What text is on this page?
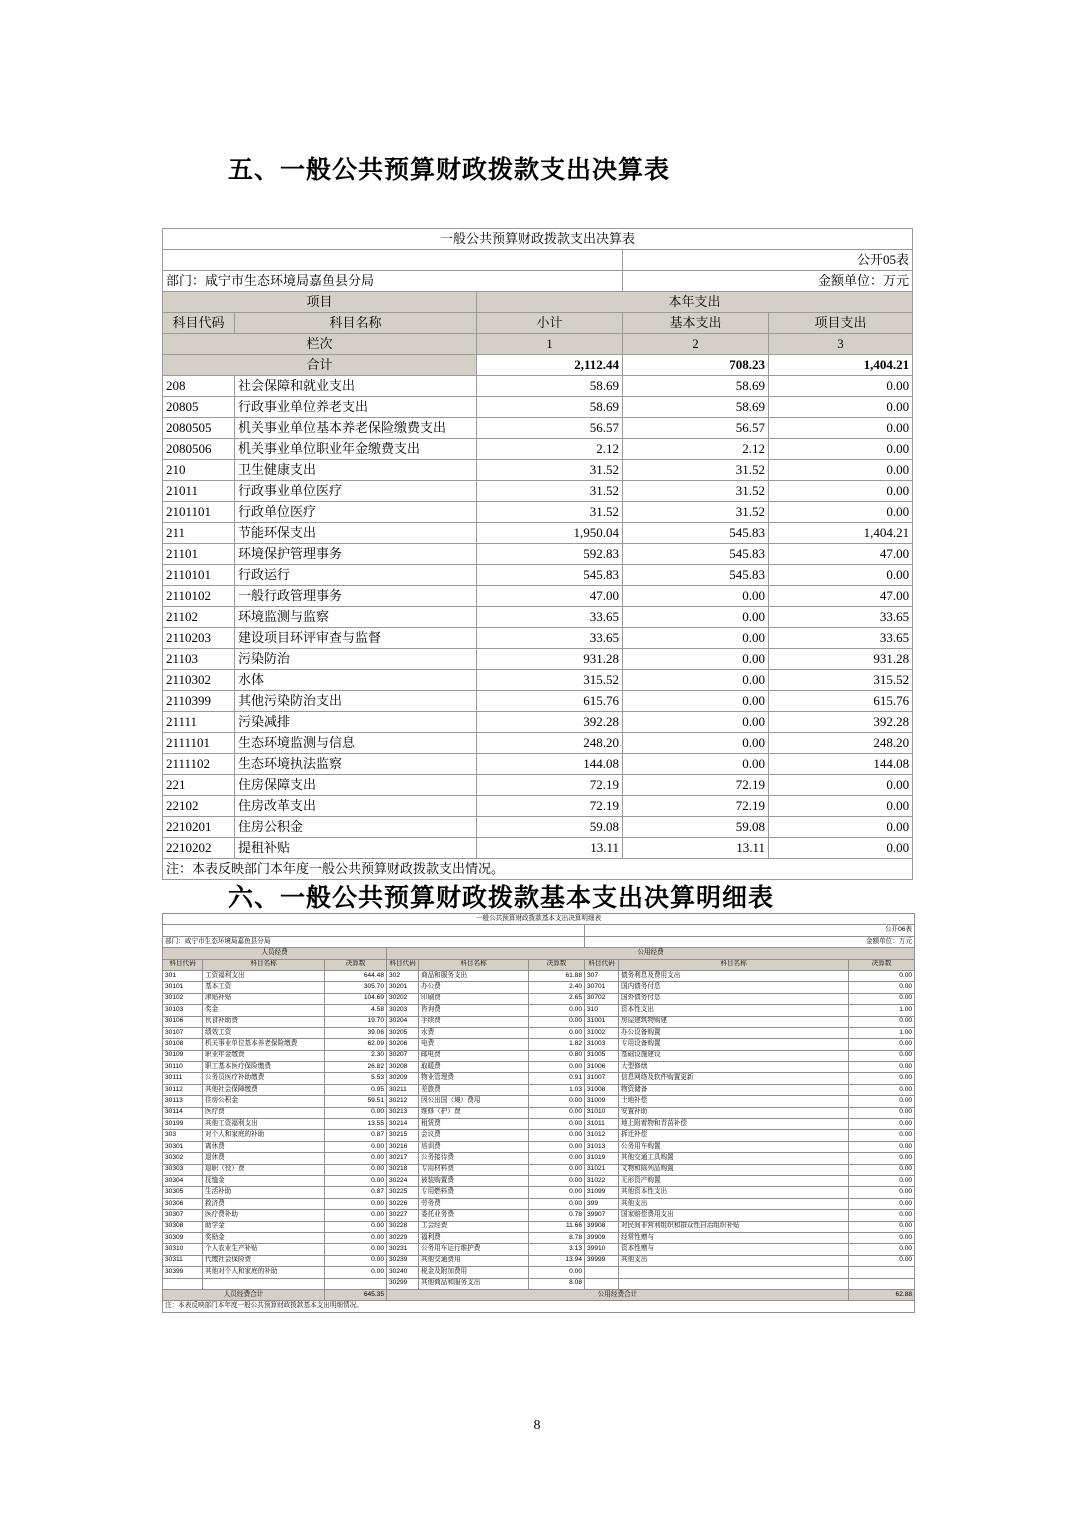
五、一般公共预算财政拨款支出决算表
一般公共预算财政拨款支出决算表				
			公开05表	
部门：咸宁市生态环境局嘉鱼县分局			金额单位：万元	
项目		本年支出		
科目代码	科目名称	小计	基本支出	项目支出
栏次		1	2	3
合计		2,112.44	708.23	1,404.21
208	社会保障和就业支出	58.69	58.69	0.00
20805	行政事业单位养老支出	58.69	58.69	0.00
2080505	机关事业单位基本养老保险缴费支出	56.57	56.57	0.00
2080506	机关事业单位职业年金缴费支出	2.12	2.12	0.00
210	卫生健康支出	31.52	31.52	0.00
21011	行政事业单位医疗	31.52	31.52	0.00
2101101	行政单位医疗	31.52	31.52	0.00
211	节能环保支出	1,950.04	545.83	1,404.21
21101	环境保护管理事务	592.83	545.83	47.00
2110101	行政运行	545.83	545.83	0.00
2110102	一般行政管理事务	47.00	0.00	47.00
21102	环境监测与监察	33.65	0.00	33.65
2110203	建设项目环评审查与监督	33.65	0.00	33.65
21103	污染防治	931.28	0.00	931.28
2110302	水体	315.52	0.00	315.52
2110399	其他污染防治支出	615.76	0.00	615.76
21111	污染减排	392.28	0.00	392.28
2111101	生态环境监测与信息	248.20	0.00	248.20
2111102	生态环境执法监察	144.08	0.00	144.08
221	住房保障支出	72.19	72.19	0.00
22102	住房改革支出	72.19	72.19	0.00
2210201	住房公积金	59.08	59.08	0.00
2210202	提租补贴	13.11	13.11	0.00
注：本表反映部门本年度一般公共预算财政拨款支出情况。				
六、一般公共预算财政拨款基本支出决算明细表
一般公共预算财政拨款基本支出决算明细表								
						公开06表		
部门：咸宁市生态环境局嘉鱼县分局						金额单位：万元		
人员经费			公用经费					
科目代码	科目名称	决算数	科目代码	科目名称	决算数	科目代码	科目名称	决算数
301	工资福利支出	644.48	302	商品和服务支出	61.88	307	债务利息及费用支出	0.00
30101	基本工资	305.70	30201	办公费	2.40	30701	国内债务付息	0.00
30102	津贴补贴	104.69	30202	印刷费	2.65	30702	国外债务付息	0.00
30103	奖金	4.58	30203	咨询费	0.00	310	资本性支出	1.00
30106	伙食补助费	19.70	30204	手续费	0.00	31001	房屋建筑物购建	0.00
30107	绩效工资	39.06	30205	水费	0.00	31002	办公设备购置	1.00
30108	机关事业单位基本养老保险缴费	62.09	30206	电费	1.82	31003	专用设备购置	0.00
30109	职业年金缴费	2.30	30207	邮电费	0.80	31005	基础设施建设	0.00
30110	职工基本医疗保险缴费	26.82	30208	取暖费	0.00	31006	大型修缮	0.00
30111	公务员医疗补助缴费	5.53	30209	物业管理费	0.91	31007	信息网络及软件购置更新	0.00
30112	其他社会保障缴费	0.95	30211	差旅费	1.03	31008	物资储备	0.00
30113	住房公积金	59.51	30212	因公出国（境）费用	0.00	31009	土地补偿	0.00
30114	医疗费	0.00	30213	维修（护）费	0.00	31010	安置补助	0.00
30199	其他工资福利支出	13.55	30214	租赁费	0.00	31011	地上附着物和青苗补偿	0.00
303	对个人和家庭的补助	0.87	30215	会议费	0.00	31012	拆迁补偿	0.00
30301	离休费	0.00	30216	培训费	0.00	31013	公务用车购置	0.00
30302	退休费	0.00	30217	公务接待费	0.00	31019	其他交通工具购置	0.00
30303	退职（役）费	0.00	30218	专用材料费	0.00	31021	文物和陈列品购置	0.00
30304	抚恤金	0.00	30224	被装购置费	0.00	31022	无形资产购置	0.00
30305	生活补助	0.87	30225	专用燃料费	0.00	31099	其他资本性支出	0.00
30306	救济费	0.00	30226	劳务费	0.00	399	其他支出	0.00
30307	医疗费补助	0.00	30227	委托业务费	0.78	39907	国家赔偿费用支出	0.00
30308	助学金	0.00	30228	工会经费	11.66	39908	对民间非营利组织和群众性自治组织补贴	0.00
30309	奖励金	0.00	30229	福利费	8.78	39909	经常性赠与	0.00
30310	个人农业生产补贴	0.00	30231	公务用车运行维护费	3.13	39910	资本性赠与	0.00
30311	代缴社会保险费	0.00	30239	其他交通费用	13.94	39999	其他支出	0.00
30399	其他对个人和家庭的补助	0.00	30240	税金及附加费用	0.00			
			30299	其他商品和服务支出	8.08			
人员经费合计		645.35	公用经费合计					62.88
注：本表反映部门本年度一般公共预算财政拨款基本支出明细情况。								
8
